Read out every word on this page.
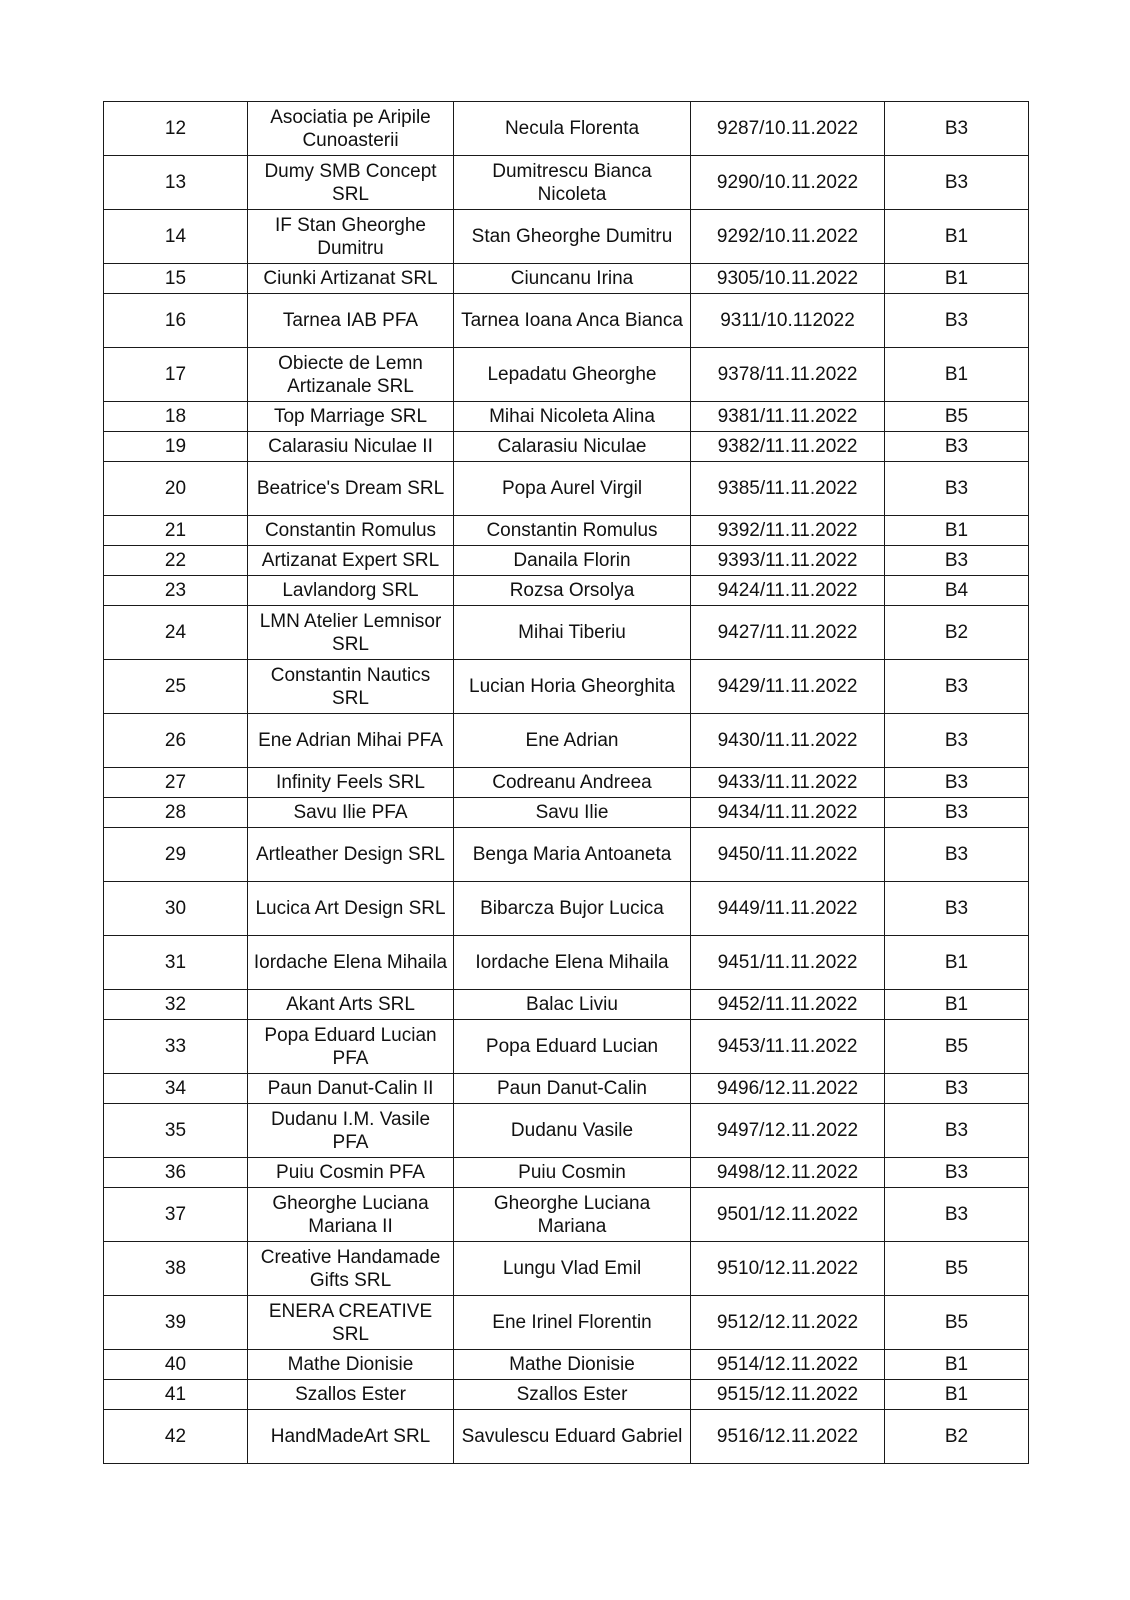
12	Asociatia pe Aripile Cunoasterii	Necula Florenta	9287/10.11.2022	B3
13	Dumy SMB Concept SRL	Dumitrescu Bianca Nicoleta	9290/10.11.2022	B3
14	IF Stan Gheorghe Dumitru	Stan Gheorghe Dumitru	9292/10.11.2022	B1
15	Ciunki Artizanat SRL	Ciuncanu Irina	9305/10.11.2022	B1
16	Tarnea IAB PFA	Tarnea Ioana Anca Bianca	9311/10.112022	B3
17	Obiecte de Lemn Artizanale SRL	Lepadatu Gheorghe	9378/11.11.2022	B1
18	Top Marriage SRL	Mihai Nicoleta Alina	9381/11.11.2022	B5
19	Calarasiu Niculae II	Calarasiu Niculae	9382/11.11.2022	B3
20	Beatrice's Dream SRL	Popa Aurel Virgil	9385/11.11.2022	B3
21	Constantin Romulus	Constantin Romulus	9392/11.11.2022	B1
22	Artizanat Expert SRL	Danaila Florin	9393/11.11.2022	B3
23	Lavlandorg SRL	Rozsa Orsolya	9424/11.11.2022	B4
24	LMN Atelier Lemnisor SRL	Mihai Tiberiu	9427/11.11.2022	B2
25	Constantin Nautics SRL	Lucian Horia Gheorghita	9429/11.11.2022	B3
26	Ene Adrian Mihai PFA	Ene Adrian	9430/11.11.2022	B3
27	Infinity Feels SRL	Codreanu Andreea	9433/11.11.2022	B3
28	Savu Ilie PFA	Savu Ilie	9434/11.11.2022	B3
29	Artleather Design SRL	Benga Maria Antoaneta	9450/11.11.2022	B3
30	Lucica Art Design SRL	Bibarcza Bujor Lucica	9449/11.11.2022	B3
31	Iordache Elena Mihaila	Iordache Elena Mihaila	9451/11.11.2022	B1
32	Akant Arts SRL	Balac Liviu	9452/11.11.2022	B1
33	Popa Eduard Lucian PFA	Popa Eduard Lucian	9453/11.11.2022	B5
34	Paun Danut-Calin II	Paun Danut-Calin	9496/12.11.2022	B3
35	Dudanu I.M. Vasile PFA	Dudanu Vasile	9497/12.11.2022	B3
36	Puiu Cosmin PFA	Puiu Cosmin	9498/12.11.2022	B3
37	Gheorghe Luciana Mariana II	Gheorghe Luciana Mariana	9501/12.11.2022	B3
38	Creative Handamade Gifts SRL	Lungu Vlad Emil	9510/12.11.2022	B5
39	ENERA CREATIVE SRL	Ene Irinel Florentin	9512/12.11.2022	B5
40	Mathe Dionisie	Mathe Dionisie	9514/12.11.2022	B1
41	Szallos Ester	Szallos Ester	9515/12.11.2022	B1
42	HandMadeArt SRL	Savulescu Eduard Gabriel	9516/12.11.2022	B2
